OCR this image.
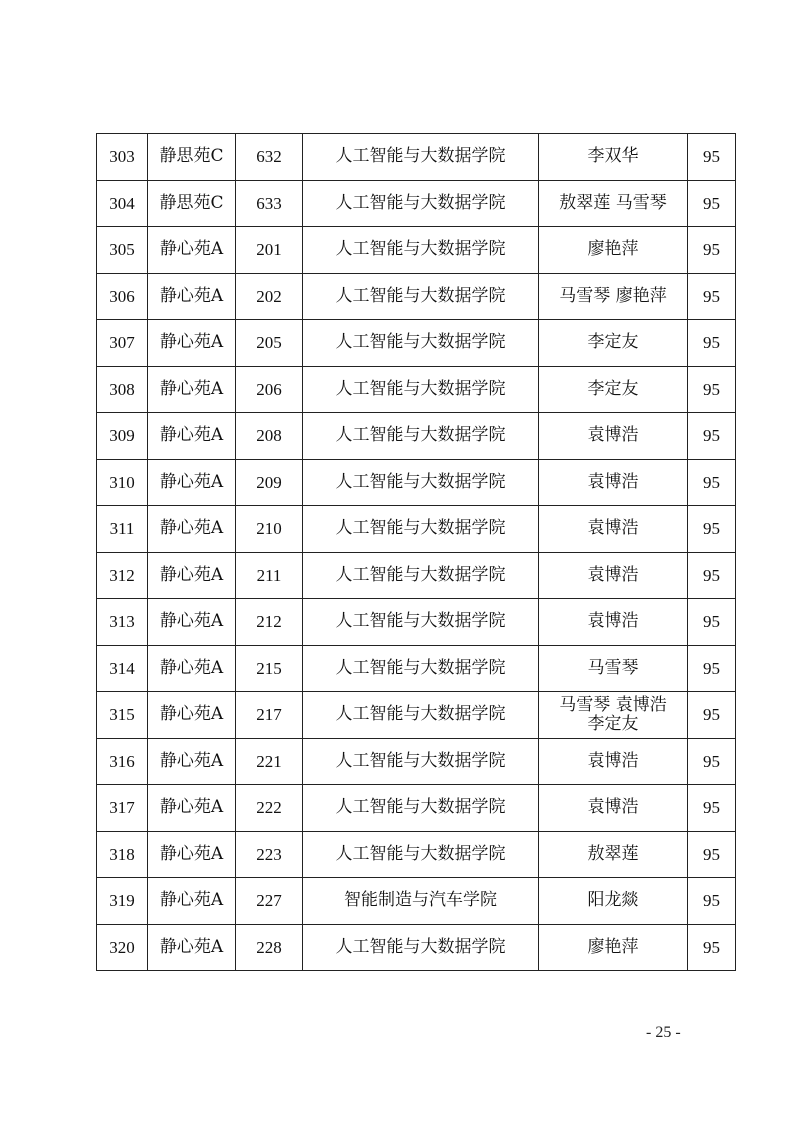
303	静思苑C	632	人工智能与大数据学院	李双华	95
304	静思苑C	633	人工智能与大数据学院	敖翠莲 马雪琴	95
305	静心苑A	201	人工智能与大数据学院	廖艳萍	95
306	静心苑A	202	人工智能与大数据学院	马雪琴 廖艳萍	95
307	静心苑A	205	人工智能与大数据学院	李定友	95
308	静心苑A	206	人工智能与大数据学院	李定友	95
309	静心苑A	208	人工智能与大数据学院	袁博浩	95
310	静心苑A	209	人工智能与大数据学院	袁博浩	95
311	静心苑A	210	人工智能与大数据学院	袁博浩	95
312	静心苑A	211	人工智能与大数据学院	袁博浩	95
313	静心苑A	212	人工智能与大数据学院	袁博浩	95
314	静心苑A	215	人工智能与大数据学院	马雪琴	95
315	静心苑A	217	人工智能与大数据学院	马雪琴 袁博浩
李定友	95
316	静心苑A	221	人工智能与大数据学院	袁博浩	95
317	静心苑A	222	人工智能与大数据学院	袁博浩	95
318	静心苑A	223	人工智能与大数据学院	敖翠莲	95
319	静心苑A	227	智能制造与汽车学院	阳龙燚	95
320	静心苑A	228	人工智能与大数据学院	廖艳萍	95
- 25 -
